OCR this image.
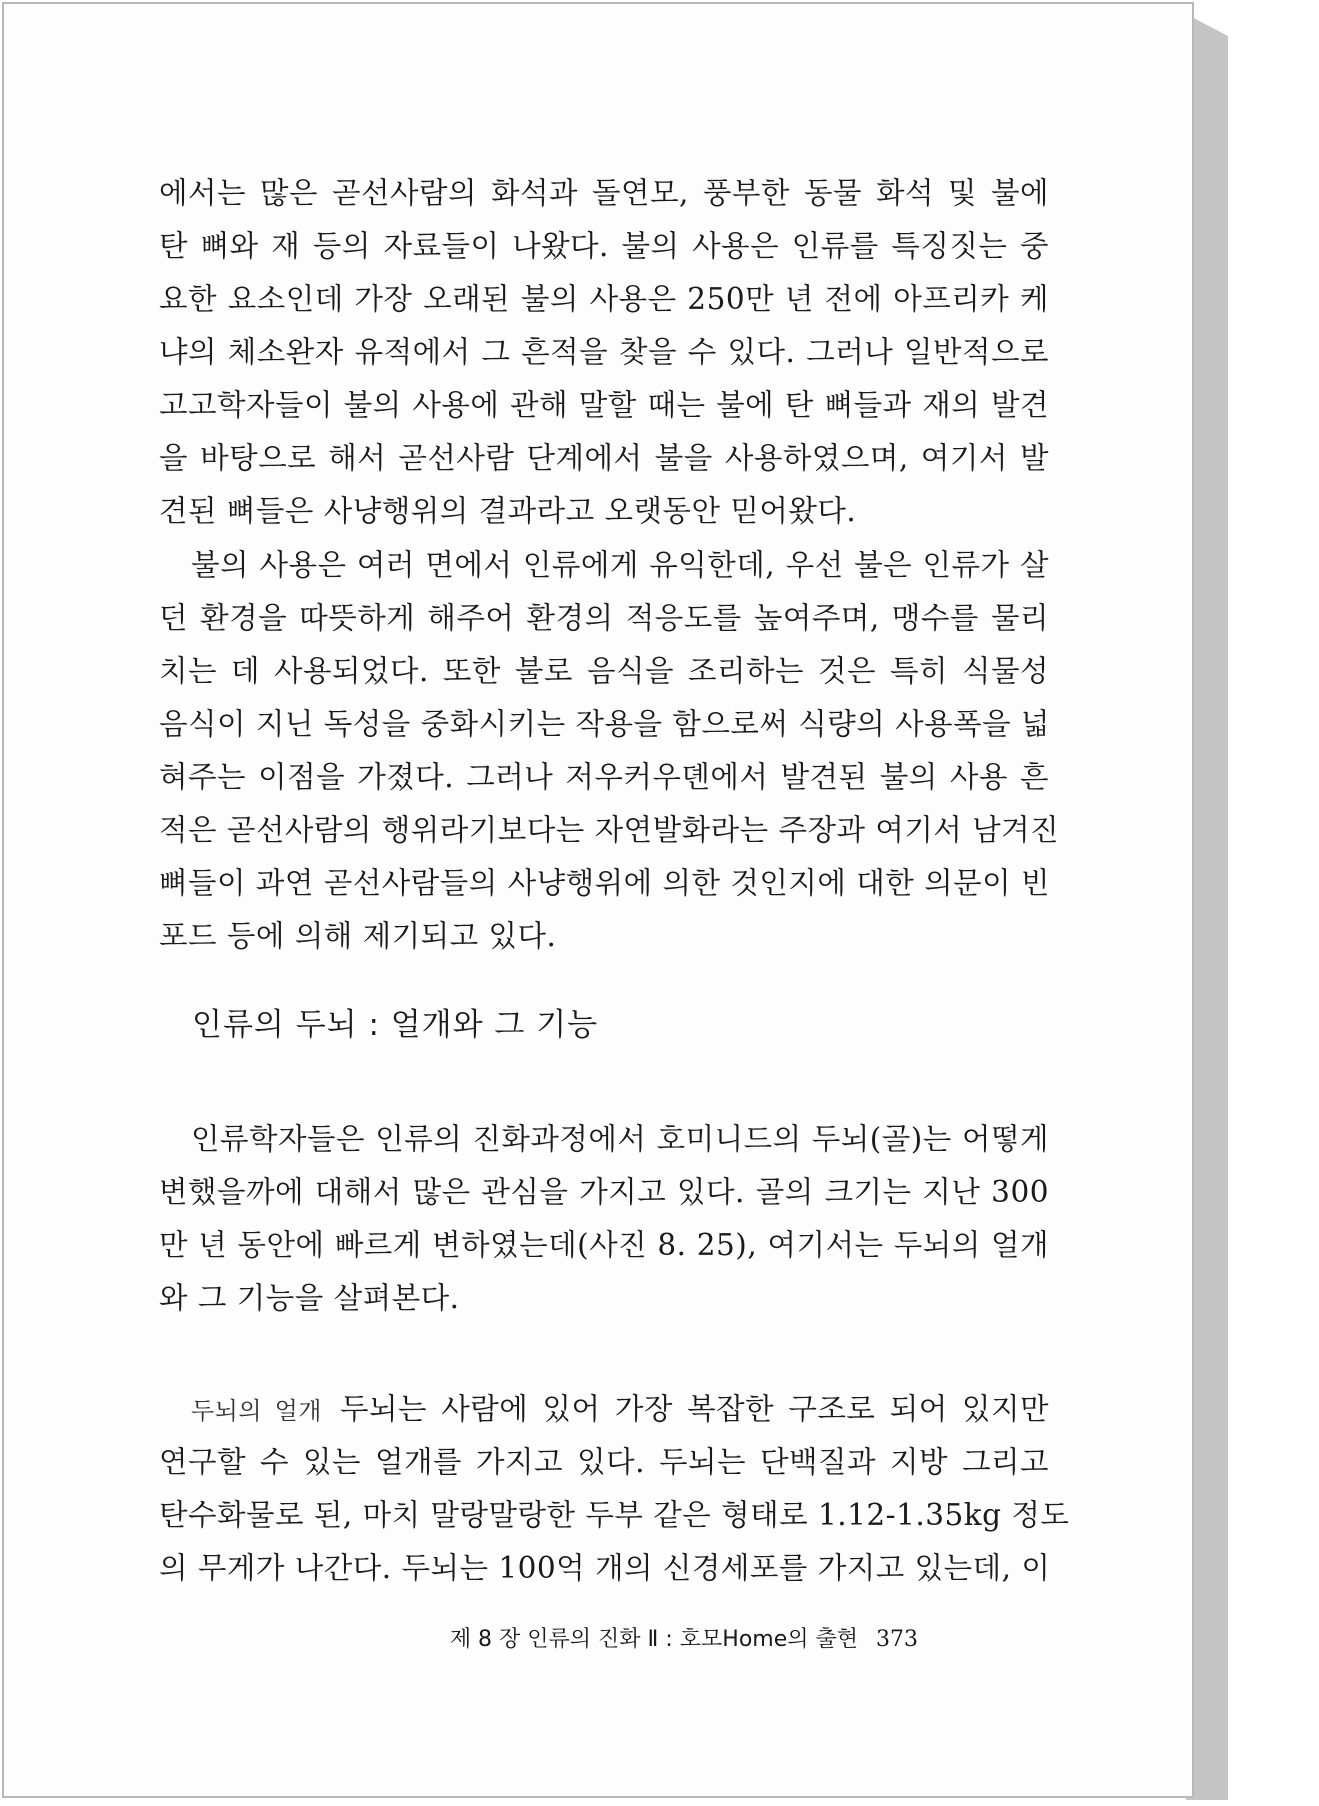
에서는 많은 곧선사람의 화석과 돌연모, 풍부한 동물 화석 및 불에
탄 뼈와 재 등의 자료들이 나왔다. 불의 사용은 인류를 특징짓는 중
요한 요소인데 가장 오래된 불의 사용은 250만 년 전에 아프리카 케
냐의 체소완자 유적에서 그 흔적을 찾을 수 있다. 그러나 일반적으로
고고학자들이 불의 사용에 관해 말할 때는 불에 탄 뼈들과 재의 발견
을 바탕으로 해서 곧선사람 단계에서 불을 사용하였으며, 여기서 발
견된 뼈들은 사냥행위의 결과라고 오랫동안 믿어왔다.
불의 사용은 여러 면에서 인류에게 유익한데, 우선 불은 인류가 살
던 환경을 따뜻하게 해주어 환경의 적응도를 높여주며, 맹수를 물리
치는 데 사용되었다. 또한 불로 음식을 조리하는 것은 특히 식물성
음식이 지닌 독성을 중화시키는 작용을 함으로써 식량의 사용폭을 넓
혀주는 이점을 가졌다. 그러나 저우커우뎬에서 발견된 불의 사용 흔
적은 곧선사람의 행위라기보다는 자연발화라는 주장과 여기서 남겨진
뼈들이 과연 곧선사람들의 사냥행위에 의한 것인지에 대한 의문이 빈
포드 등에 의해 제기되고 있다.
인류의 두뇌 : 얼개와 그 기능
인류학자들은 인류의 진화과정에서 호미니드의 두뇌(골)는 어떻게
변했을까에 대해서 많은 관심을 가지고 있다. 골의 크기는 지난 300
만 년 동안에 빠르게 변하였는데(사진 8. 25), 여기서는 두뇌의 얼개
와 그 기능을 살펴본다.
두뇌의 얼개 두뇌는 사람에 있어 가장 복잡한 구조로 되어 있지만
연구할 수 있는 얼개를 가지고 있다. 두뇌는 단백질과 지방 그리고
탄수화물로 된, 마치 말랑말랑한 두부 같은 형태로 1.12-1.35kg 정도
의 무게가 나간다. 두뇌는 100억 개의 신경세포를 가지고 있는데, 이
제 8 장 인류의 진화 Ⅱ : 호모Home의 출현 373
